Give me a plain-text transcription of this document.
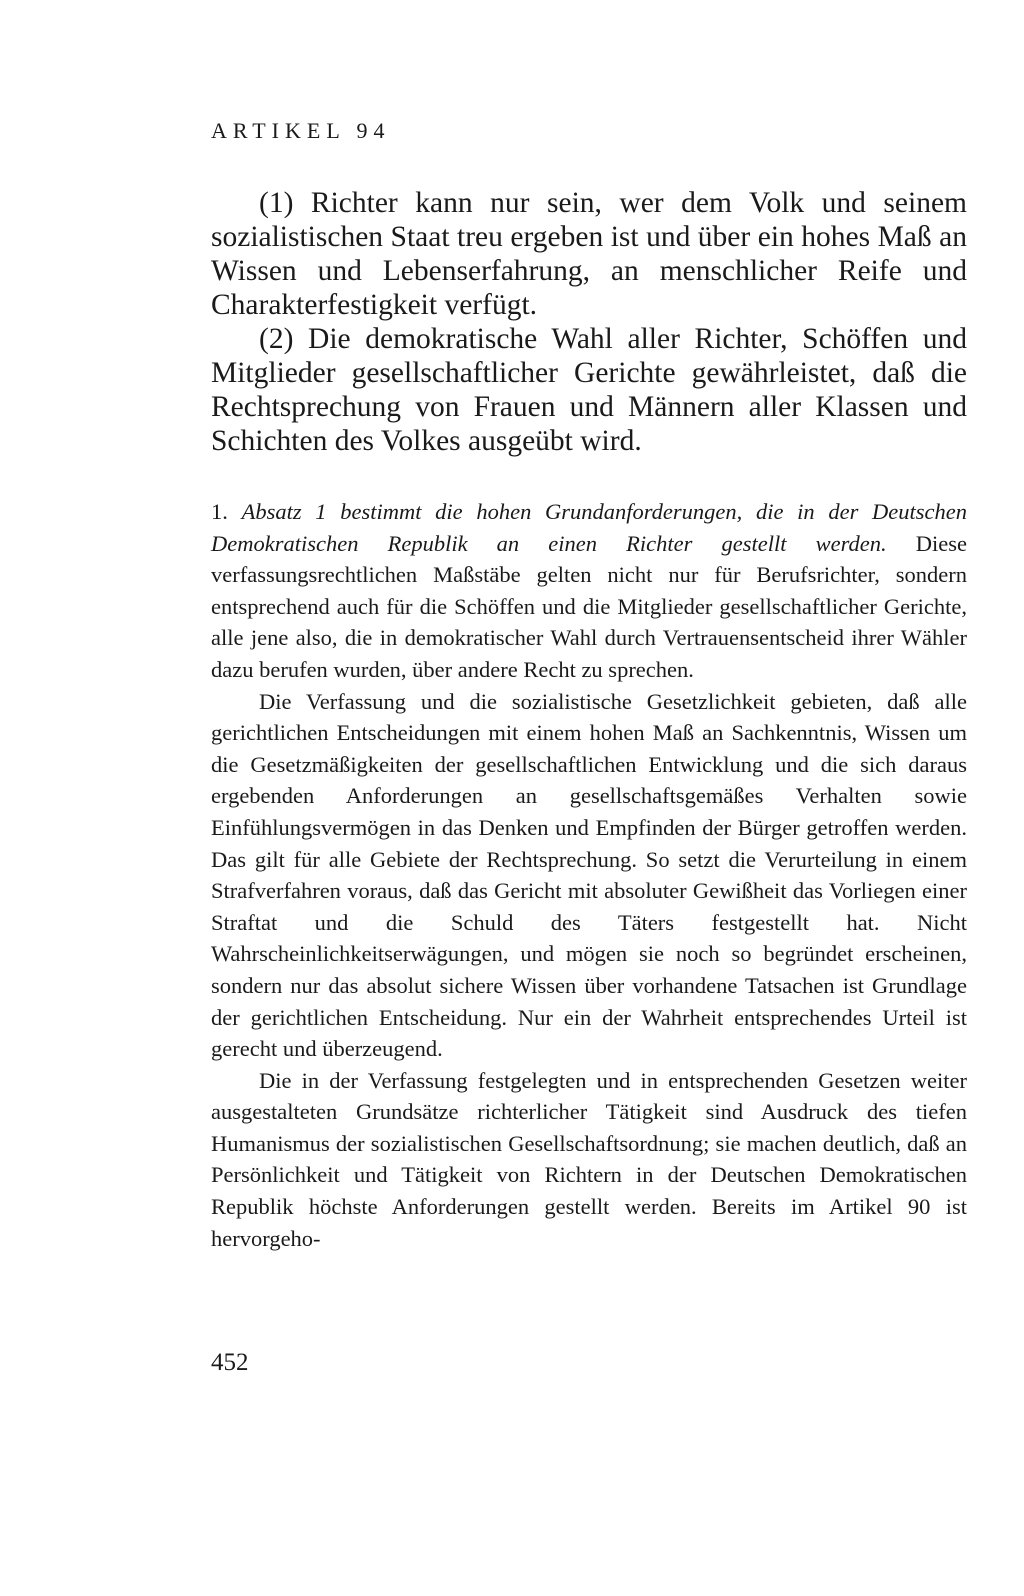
ARTIKEL 94

(1) Richter kann nur sein, wer dem Volk und seinem sozialistischen Staat treu ergeben ist und über ein hohes Maß an Wissen und Lebenserfahrung, an menschlicher Reife und Charakterfestigkeit verfügt.

(2) Die demokratische Wahl aller Richter, Schöffen und Mitglieder gesellschaftlicher Gerichte gewährleistet, daß die Rechtsprechung von Frauen und Männern aller Klassen und Schichten des Volkes ausgeübt wird.

1. Absatz 1 bestimmt die hohen Grundanforderungen, die in der Deutschen Demokratischen Republik an einen Richter gestellt werden. Diese verfassungsrechtlichen Maßstäbe gelten nicht nur für Berufsrichter, sondern entsprechend auch für die Schöffen und die Mitglieder gesellschaftlicher Gerichte, alle jene also, die in demokratischer Wahl durch Vertrauensentscheid ihrer Wähler dazu berufen wurden, über andere Recht zu sprechen.

Die Verfassung und die sozialistische Gesetzlichkeit gebieten, daß alle gerichtlichen Entscheidungen mit einem hohen Maß an Sachkenntnis, Wissen um die Gesetzmäßigkeiten der gesellschaftlichen Entwicklung und die sich daraus ergebenden Anforderungen an gesellschaftsgemäßes Verhalten sowie Einfühlungsvermögen in das Denken und Empfinden der Bürger getroffen werden. Das gilt für alle Gebiete der Rechtsprechung. So setzt die Verurteilung in einem Strafverfahren voraus, daß das Gericht mit absoluter Gewißheit das Vorliegen einer Straftat und die Schuld des Täters festgestellt hat. Nicht Wahrscheinlichkeitserwägungen, und mögen sie noch so begründet erscheinen, sondern nur das absolut sichere Wissen über vorhandene Tatsachen ist Grundlage der gerichtlichen Entscheidung. Nur ein der Wahrheit entsprechendes Urteil ist gerecht und überzeugend.

Die in der Verfassung festgelegten und in entsprechenden Gesetzen weiter ausgestalteten Grundsätze richterlicher Tätigkeit sind Ausdruck des tiefen Humanismus der sozialistischen Gesellschaftsordnung; sie machen deutlich, daß an Persönlichkeit und Tätigkeit von Richtern in der Deutschen Demokratischen Republik höchste Anforderungen gestellt werden. Bereits im Artikel 90 ist hervorgeho-

452
